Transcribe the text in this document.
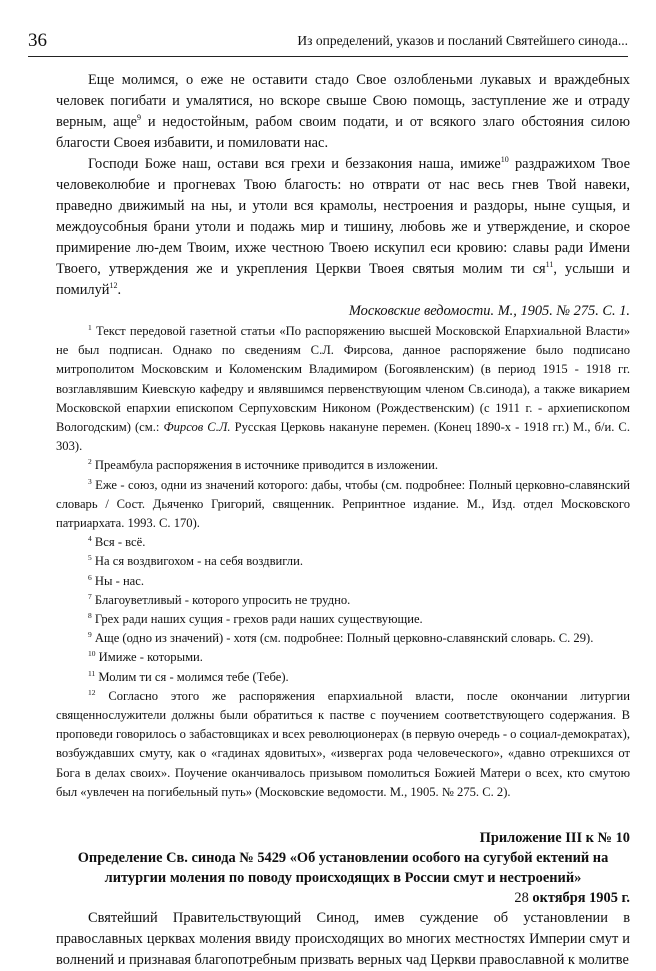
36	Из определений, указов и посланий Святейшего синода...

Еще молимся, о еже не оставити стадо Свое озлобленьми лукавых и враждебных человек погибати и умалятися, но вскоре свыше Свою помощь, заступление же и отраду верным, аще$^9$ и недостойным, рабом своим подати, и от всякого злаго обстояния силою благости Своея избавити, и помиловати нас.

Господи Боже наш, остави вся грехи и беззакония наша, имиже$^{10}$ раздражихом Твое человеколюбие и прогневах Твою благость: но отврати от нас весь гнев Твой навеки, праведно движимый на ны, и утоли вся крамолы, нестроения и раздоры, ныне сущыя, и междоусобныя брани утоли и подажь мир и тишину, любовь же и утверждение, и скорое примирение лю-дем Твоим, ихже честною Твоею искупил еси кровию: славы ради Имени Твоего, утверждения же и укрепления Церкви Твоея святыя молим ти $ся^{11}$, услыши и помилуй$^{12}$.

Московские ведомости. М., 1905. № 275. С. 1.

$^1$ Текст передовой газетной статьи «По распоряжению высшей Московской Епархиальной Власти» не был подписан. Однако по сведениям С.Л. Фирсова, данное распоряжение было подписано митрополитом Московским и Коломенским Владимиром (Богоявленским) (в период 1915 - 1918 гг. возглавлявшим Киевскую кафедру и являвшимся первенствующим членом Св.синода), а также викарием Московской епархии епископом Серпуховским Никоном (Рождественским) (с 1911 г. - архиепископом Вологодским) (см.: Фирсов С.Л. Русская Церковь накануне перемен. (Конец 1890-х - 1918 гг.) М., б/и. С. 303).

$^2$ Преамбула распоряжения в источнике приводится в изложении.

$^3$ Еже - союз, одни из значений которого: дабы, чтобы (см. подробнее: Полный церковно-славянский словарь / Сост. Дьяченко Григорий, священник. Репринтное издание. М., Изд. отдел Московского патриархата. 1993. С. 170).

$^4$ Вся - всё.

$^5$ На ся воздвигохом - на себя воздвигли.

$^6$ Ны - нас.

$^7$ Благоуветливый - которого упросить не трудно.

$^8$ Грех ради наших сущия - грехов ради наших существующие.

$^9$ Аще (одно из значений) - хотя (см. подробнее: Полный церковно-славянский словарь. С. 29).

$^{10}$ Имиже - которыми.

$^{11}$ Молим ти ся - молимся тебе (Тебе).

$^{12}$ Согласно этого же распоряжения епархиальной власти, после окончании литургии священнослужители должны были обратиться к пастве с поучением соответствующего содержания. В проповеди говорилось о забастовщиках и всех революционерах (в первую очередь - о социал-демократах), возбуждавших смуту, как о «гадинах ядовитых», «извергах рода человеческого», «давно отрекшихся от Бога в делах своих». Поучение оканчивалось призывом помолиться Божией Матери о всех, кто смутою был «увлечен на погибельный путь» (Московские ведомости. М., 1905. № 275. С. 2).

Приложение III к № 10

Определение Св. синода № 5429 «Об установлении особого на сугубой ектений на литургии моления по поводу происходящих в России смут и нестроений»

28 октября 1905 г.

Святейший Правительствующий Синод, имев суждение об установлении в православных церквах моления ввиду происходящих во многих местностях Империи смут и волнений и признавая благопотребным призвать верных чад Церкви православной к молитве
